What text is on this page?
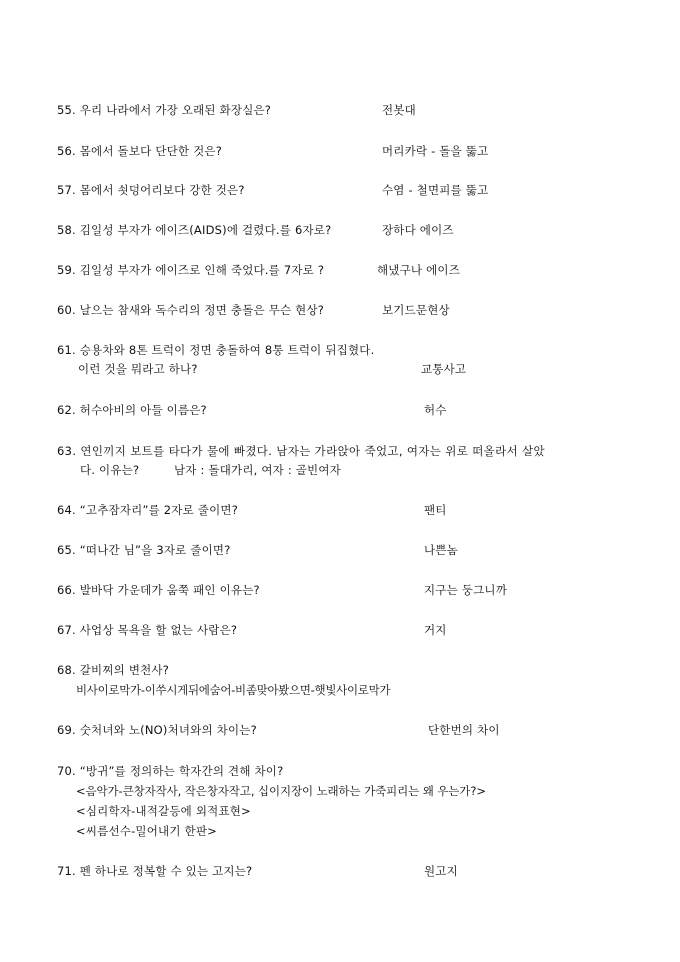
55. 우리 나라에서 가장 오래된 화장실은?	전봇대
56. 몸에서 돌보다 단단한 것은?	머리카락 - 돌을 뚫고
57. 몸에서 쇳덩어리보다 강한 것은?	수염 - 철면피를 뚫고
58. 김일성 부자가 에이즈(AIDS)에 걸렸다.를 6자로?	장하다 에이즈
59. 김일성 부자가 에이즈로 인해 죽었다.를 7자로 ?	해냈구나 에이즈
60. 날으는 참새와 독수리의 정면 충돌은 무슨 현상?	보기드문현상
61. 승용차와 8톤 트럭이 정면 충돌하여 8통 트럭이 뒤집혔다.
이런 것을 뭐라고 하나?	교통사고
62. 허수아비의 아들 이름은?	허수
63. 연인끼지 보트를 타다가 물에 빠졌다. 남자는 가라앉아 죽었고, 여자는 위로 떠올라서 살았
다. 이유는?	남자 : 돌대가리, 여자 : 골빈여자
64. “고추잠자리”를 2자로 줄이면?	팬티
65. “떠나간 님”을 3자로 줄이면?	나쁜놈
66. 발바닥 가운데가 움쭉 패인 이유는?	지구는 둥그니까
67. 사업상 목욕을 할 없는 사람은?	거지
68. 갈비찌의 변천사?
비사이로막가-이쑤시게뒤에숨어-비좀맞아봤으면-햇빛사이로막가
69. 숫처녀와 노(NO)처녀와의 차이는?	단한번의 차이
70. “방귀”를 정의하는 학자간의 견해 차이?
<음악가-큰창자작사, 작은창자작고, 십이지장이 노래하는 가죽피리는 왜 우는가?>
<심리학자-내적갈등에 외적표현>
<씨름선수-밀어내기 한판>
71. 펜 하나로 정복할 수 있는 고지는?	원고지
